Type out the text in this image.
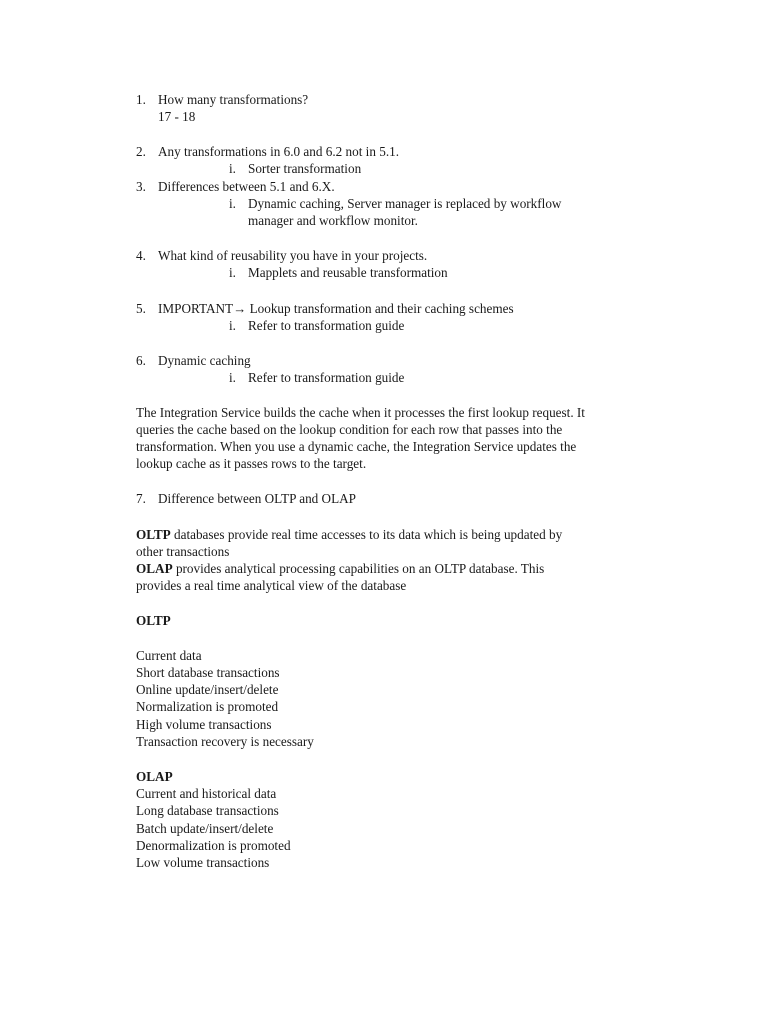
1. How many transformations?
17 - 18
2. Any transformations in 6.0 and 6.2 not in 5.1.
i. Sorter transformation
3. Differences between 5.1 and 6.X.
i. Dynamic caching, Server manager is replaced by workflow
manager and workflow monitor.
4. What kind of reusability you have in your projects.
i. Mapplets and reusable transformation
5. IMPORTANT→ Lookup transformation and their caching schemes
i. Refer to transformation guide
6. Dynamic caching
i. Refer to transformation guide
The Integration Service builds the cache when it processes the first lookup request. It
queries the cache based on the lookup condition for each row that passes into the
transformation. When you use a dynamic cache, the Integration Service updates the
lookup cache as it passes rows to the target.
7. Difference between OLTP and OLAP
OLTP databases provide real time accesses to its data which is being updated by
other transactions
OLAP provides analytical processing capabilities on an OLTP database. This
provides a real time analytical view of the database
OLTP
Current data
Short database transactions
Online update/insert/delete
Normalization is promoted
High volume transactions
Transaction recovery is necessary
OLAP
Current and historical data
Long database transactions
Batch update/insert/delete
Denormalization is promoted
Low volume transactions
